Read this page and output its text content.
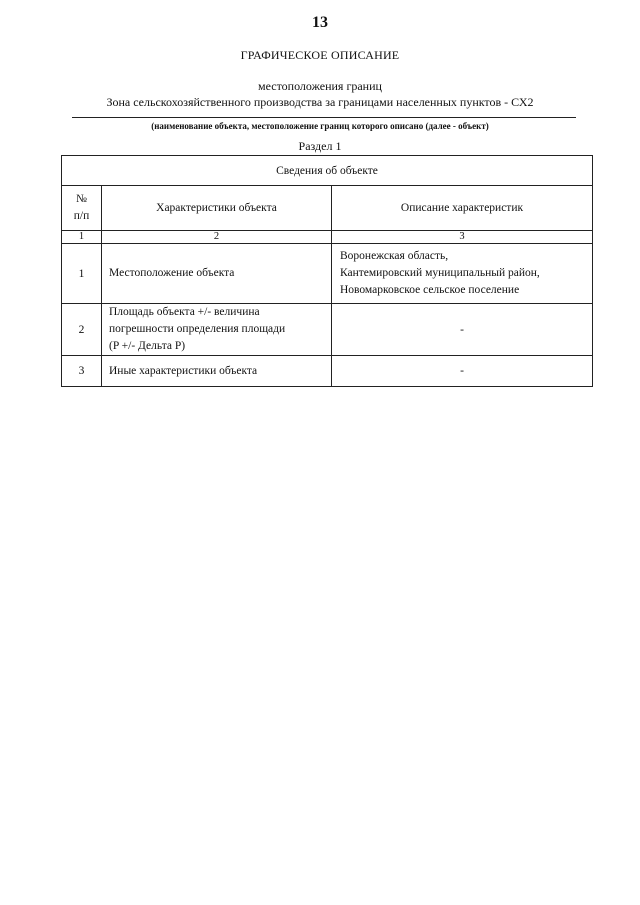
13
ГРАФИЧЕСКОЕ ОПИСАНИЕ
местоположения границ
Зона сельскохозяйственного производства за границами населенных пунктов - СХ2
(наименование объекта, местоположение границ которого описано (далее - объект)
Раздел 1
Сведения об объекте		

№
п/п	Характеристики объекта	Описание характеристик
1	2	3
1	Местоположение объекта	Воронежская область,
Кантемировский муниципальный район,
Новомарковское сельское поселение

2	Площадь объекта +/- величина
погрешности определения площади
(P +/- Дельта P)	-
3	Иные характеристики объекта	-
